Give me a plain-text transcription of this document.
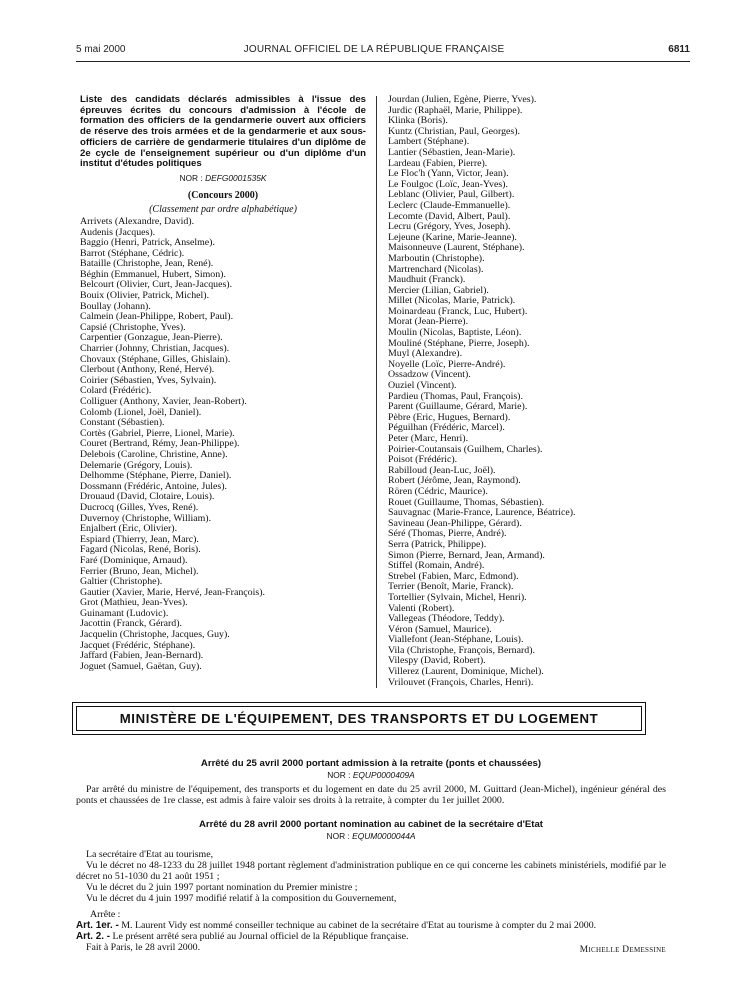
5 mai 2000	JOURNAL OFFICIEL DE LA RÉPUBLIQUE FRANÇAISE	6811

Liste des candidats déclarés admissibles à l'issue des épreuves écrites du concours d'admission à l'école de formation des officiers de la gendarmerie ouvert aux officiers de réserve des trois armées et de la gendarmerie et aux sous-officiers de carrière de gendarmerie titulaires d'un diplôme de 2e cycle de l'enseignement supérieur ou d'un diplôme d'un institut d'études politiques

NOR : DEFG0001535K
(Concours 2000)
(Classement par ordre alphabétique)
Arrivets (Alexandre, David).
Audenis (Jacques).
Baggio (Henri, Patrick, Anselme).
Barrot (Stéphane, Cédric).
Bataille (Christophe, Jean, René).
Béghin (Emmanuel, Hubert, Simon).
Belcourt (Olivier, Curt, Jean-Jacques).
Bouix (Olivier, Patrick, Michel).
Boullay (Johann).
Calmein (Jean-Philippe, Robert, Paul).
Capsié (Christophe, Yves).
Carpentier (Gonzague, Jean-Pierre).
Charrier (Johnny, Christian, Jacques).
Chovaux (Stéphane, Gilles, Ghislain).
Clerbout (Anthony, René, Hervé).
Coirier (Sébastien, Yves, Sylvain).
Colard (Frédéric).
Colliguer (Anthony, Xavier, Jean-Robert).
Colomb (Lionel, Joël, Daniel).
Constant (Sébastien).
Cortès (Gabriel, Pierre, Lionel, Marie).
Couret (Bertrand, Rémy, Jean-Philippe).
Delebois (Caroline, Christine, Anne).
Delemarie (Grégory, Louis).
Delhomme (Stéphane, Pierre, Daniel).
Dossmann (Frédéric, Antoine, Jules).
Drouaud (David, Clotaire, Louis).
Ducrocq (Gilles, Yves, René).
Duvernoy (Christophe, William).
Enjalbert (Eric, Olivier).
Espiard (Thierry, Jean, Marc).
Fagard (Nicolas, René, Boris).
Faré (Dominique, Arnaud).
Ferrier (Bruno, Jean, Michel).
Galtier (Christophe).
Gautier (Xavier, Marie, Hervé, Jean-François).
Grot (Mathieu, Jean-Yves).
Guinamant (Ludovic).
Jacottin (Franck, Gérard).
Jacquelin (Christophe, Jacques, Guy).
Jacquet (Frédéric, Stéphane).
Jaffard (Fabien, Jean-Bernard).
Joguet (Samuel, Gaëtan, Guy).
Jourdan (Julien, Egène, Pierre, Yves).
Jurdic (Raphaël, Marie, Philippe).
Klinka (Boris).
Kuntz (Christian, Paul, Georges).
Lambert (Stéphane).
Lantier (Sébastien, Jean-Marie).
Lardeau (Fabien, Pierre).
Le Floc'h (Yann, Victor, Jean).
Le Foulgoc (Loïc, Jean-Yves).
Leblanc (Olivier, Paul, Gilbert).
Leclerc (Claude-Emmanuelle).
Lecomte (David, Albert, Paul).
Lecru (Grégory, Yves, Joseph).
Lejeune (Karine, Marie-Jeanne).
Maisonneuve (Laurent, Stéphane).
Marboutin (Christophe).
Martrenchard (Nicolas).
Maudhuit (Franck).
Mercier (Lilian, Gabriel).
Millet (Nicolas, Marie, Patrick).
Moinardeau (Franck, Luc, Hubert).
Morat (Jean-Pierre).
Moulin (Nicolas, Baptiste, Léon).
Mouliné (Stéphane, Pierre, Joseph).
Muyl (Alexandre).
Noyelle (Loïc, Pierre-André).
Ossadzow (Vincent).
Ouziel (Vincent).
Pardieu (Thomas, Paul, François).
Parent (Guillaume, Gérard, Marie).
Pèbre (Eric, Hugues, Bernard).
Péguilhan (Frédéric, Marcel).
Peter (Marc, Henri).
Poirier-Coutansais (Guilhem, Charles).
Poisot (Frédéric).
Rabilloud (Jean-Luc, Joël).
Robert (Jérôme, Jean, Raymond).
Rören (Cédric, Maurice).
Rouet (Guillaume, Thomas, Sébastien).
Sauvagnac (Marie-France, Laurence, Béatrice).
Savineau (Jean-Philippe, Gérard).
Séré (Thomas, Pierre, André).
Serra (Patrick, Philippe).
Simon (Pierre, Bernard, Jean, Armand).
Stiffel (Romain, André).
Strebel (Fabien, Marc, Edmond).
Terrier (Benoît, Marie, Franck).
Tortellier (Sylvain, Michel, Henri).
Valenti (Robert).
Vallegeas (Théodore, Teddy).
Véron (Samuel, Maurice).
Viallefont (Jean-Stéphane, Louis).
Vila (Christophe, François, Bernard).
Vilespy (David, Robert).
Villerez (Laurent, Dominique, Michel).
Vrilouvet (François, Charles, Henri).
MINISTÈRE DE L'ÉQUIPEMENT, DES TRANSPORTS ET DU LOGEMENT
Arrêté du 25 avril 2000 portant admission à la retraite (ponts et chaussées)
NOR : EQUP0000409A

Par arrêté du ministre de l'équipement, des transports et du logement en date du 25 avril 2000, M. Guittard (Jean-Michel), ingénieur général des ponts et chaussées de 1re classe, est admis à faire valoir ses droits à la retraite, à compter du 1er juillet 2000.

Arrêté du 28 avril 2000 portant nomination au cabinet de la secrétaire d'Etat
NOR : EQUM0000044A

La secrétaire d'Etat au tourisme,

Vu le décret no 48-1233 du 28 juillet 1948 portant règlement d'administration publique en ce qui concerne les cabinets ministériels, modifié par le décret no 51-1030 du 21 août 1951 ;

Vu le décret du 2 juin 1997 portant nomination du Premier ministre ;

Vu le décret du 4 juin 1997 modifié relatif à la composition du Gouvernement,

Arrête :

Art. 1er. - M. Laurent Vidy est nommé conseiller technique au cabinet de la secrétaire d'Etat au tourisme à compter du 2 mai 2000.

Art. 2. - Le présent arrêté sera publié au Journal officiel de la République française.

Fait à Paris, le 28 avril 2000.	Michelle Demessine
